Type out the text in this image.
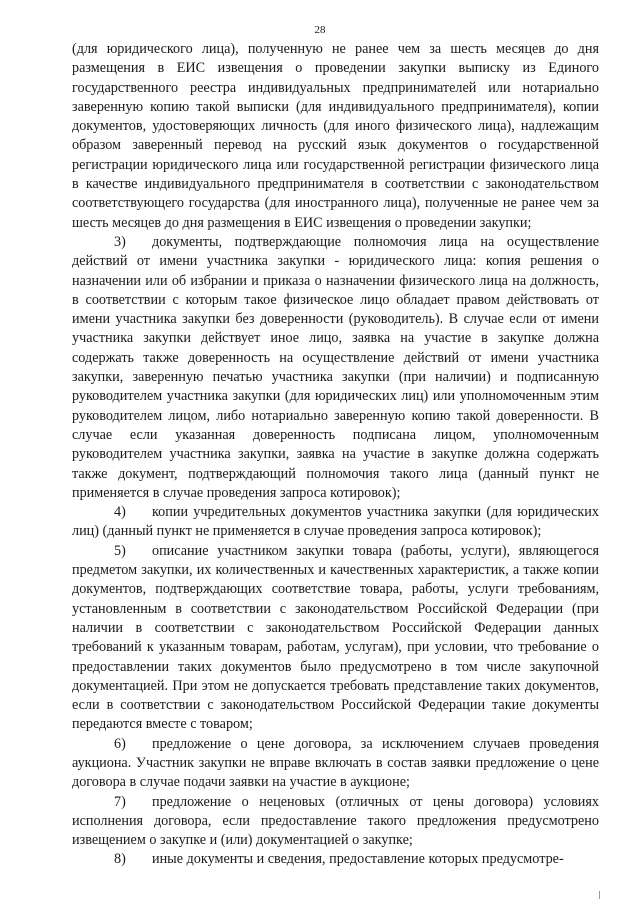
28

(для юридического лица), полученную не ранее чем за шесть месяцев до дня размещения в ЕИС извещения о проведении закупки выписку из Единого государственного реестра индивидуальных предпринимателей или нотариально заверенную копию такой выписки (для индивидуального предпринимателя), копии документов, удостоверяющих личность (для иного физического лица), надлежащим образом заверенный перевод на русский язык документов о государственной регистрации юридического лица или государственной регистрации физического лица в качестве индивидуального предпринимателя в соответствии с законодательством соответствующего государства (для иностранного лица), полученные не ранее чем за шесть месяцев до дня размещения в ЕИС извещения о проведении закупки;

3) документы, подтверждающие полномочия лица на осуществление действий от имени участника закупки - юридического лица: копия решения о назначении или об избрании и приказа о назначении физического лица на должность, в соответствии с которым такое физическое лицо обладает правом действовать от имени участника закупки без доверенности (руководитель). В случае если от имени участника закупки действует иное лицо, заявка на участие в закупке должна содержать также доверенность на осуществление действий от имени участника закупки, заверенную печатью участника закупки (при наличии) и подписанную руководителем участника закупки (для юридических лиц) или уполномоченным этим руководителем лицом, либо нотариально заверенную копию такой доверенности. В случае если указанная доверенность подписана лицом, уполномоченным руководителем участника закупки, заявка на участие в закупке должна содержать также документ, подтверждающий полномочия такого лица (данный пункт не применяется в случае проведения запроса котировок);

4) копии учредительных документов участника закупки (для юридических лиц) (данный пункт не применяется в случае проведения запроса котировок);

5) описание участником закупки товара (работы, услуги), являющегося предметом закупки, их количественных и качественных характеристик, а также копии документов, подтверждающих соответствие товара, работы, услуги требованиям, установленным в соответствии с законодательством Российской Федерации (при наличии в соответствии с законодательством Российской Федерации данных требований к указанным товарам, работам, услугам), при условии, что требование о предоставлении таких документов было предусмотрено в том числе закупочной документацией. При этом не допускается требовать представление таких документов, если в соответствии с законодательством Российской Федерации такие документы передаются вместе с товаром;

6) предложение о цене договора, за исключением случаев проведения аукциона. Участник закупки не вправе включать в состав заявки предложение о цене договора в случае подачи заявки на участие в аукционе;

7) предложение о неценовых (отличных от цены договора) условиях исполнения договора, если предоставление такого предложения предусмотрено извещением о закупке и (или) документацией о закупке;

8) иные документы и сведения, предоставление которых предусмотре-
